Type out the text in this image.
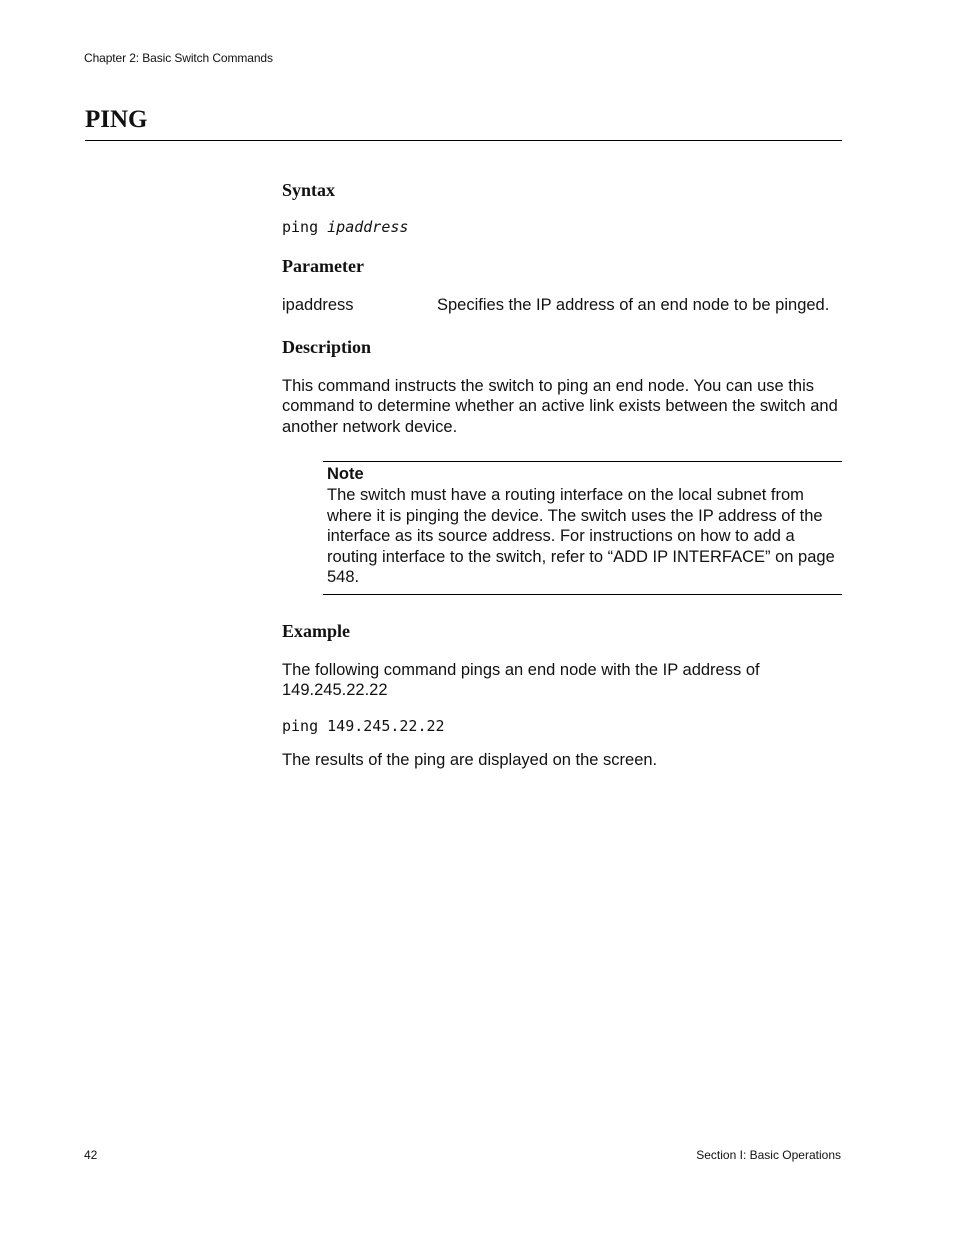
Chapter 2: Basic Switch Commands
PING
Syntax
ping ipaddress
Parameter
ipaddress	Specifies the IP address of an end node to be pinged.
Description
This command instructs the switch to ping an end node. You can use this command to determine whether an active link exists between the switch and another network device.
Note
The switch must have a routing interface on the local subnet from where it is pinging the device. The switch uses the IP address of the interface as its source address. For instructions on how to add a routing interface to the switch, refer to “ADD IP INTERFACE” on page 548.
Example
The following command pings an end node with the IP address of 149.245.22.22
ping 149.245.22.22
The results of the ping are displayed on the screen.
42	Section I: Basic Operations
